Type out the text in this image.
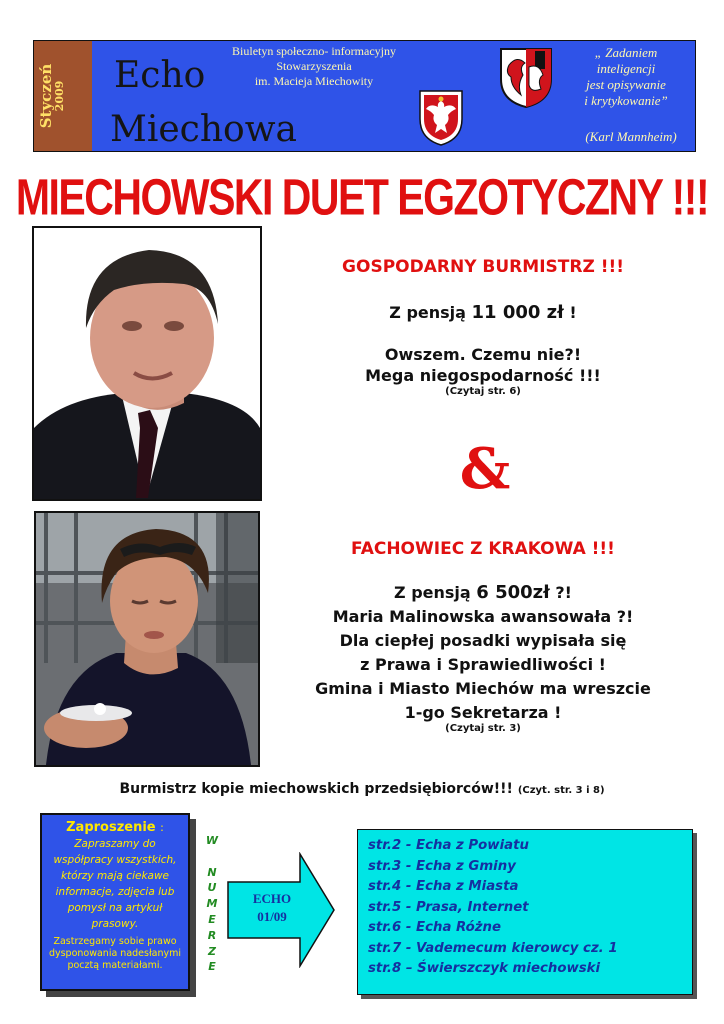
Styczeń
2009 Echo
Miechowa
Biuletyn społeczno- informacyjny
Stowarzyszenia
im. Macieja Miechowity
„ Zadaniem
inteligencji
jest opisywanie
i krytykowanie”
(Karl Mannheim)
MIECHOWSKI DUET EGZOTYCZNY !!!
GOSPODARNY BURMISTRZ !!!
Z pensją 11 000 zł !
Owszem. Czemu nie?!
Mega niegospodarność !!!
(Czytaj str. 6)
&
FACHOWIEC Z KRAKOWA !!!
Z pensją 6 500zł ?!
Maria Malinowska awansowała ?!
Dla ciepłej posadki wypisała się
z Prawa i Sprawiedliwości !
Gmina i Miasto Miechów ma wreszcie
1-go Sekretarza !
(Czytaj str. 3)
Burmistrz kopie miechowskich przedsiębiorców!!! (Czyt. str. 3 i 8)
Zaproszenie :
Zapraszamy do współpracy wszystkich, którzy mają ciekawe informacje, zdjęcia lub pomysł na artykuł prasowy.
Zastrzegamy sobie prawo dysponowania nadesłanymi pocztą materiałami.
W
N
U
M
E
R
Z
E
ECHO
01/09
str.2 - Echa z Powiatu
str.3 - Echa z Gminy
str.4 - Echa z Miasta
str.5 - Prasa, Internet
str.6 - Echa Różne
str.7 - Vademecum kierowcy cz. 1
str.8 – Świerszczyk miechowski
